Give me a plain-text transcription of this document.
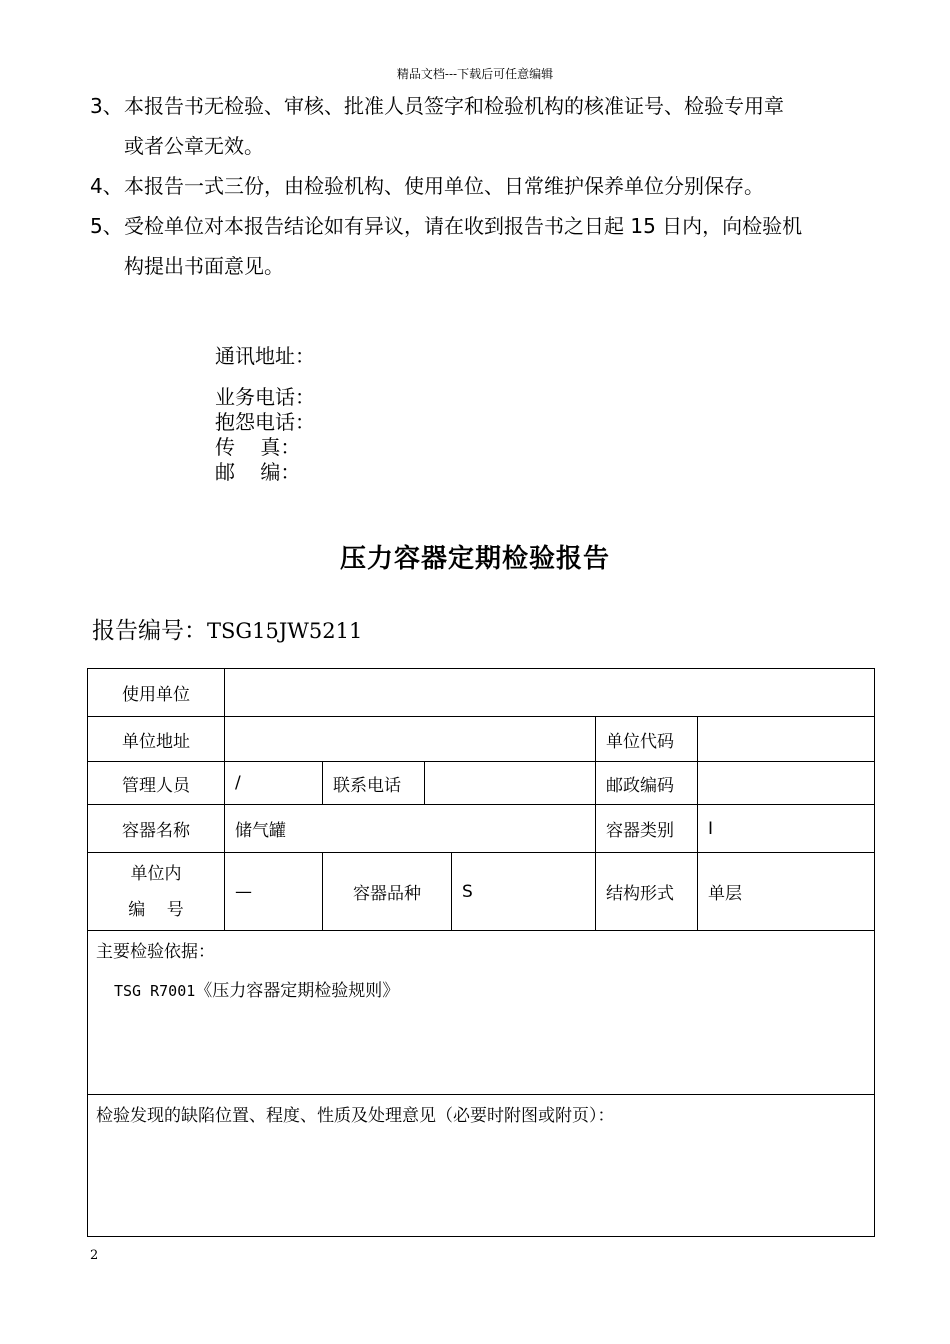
精品文档---下载后可任意编辑

3、本报告书无检验、审核、批准人员签字和检验机构的核准证号、检验专用章
或者公章无效。

4、本报告一式三份，由检验机构、使用单位、日常维护保养单位分别保存。

5、受检单位对本报告结论如有异议，请在收到报告书之日起 15 日内，向检验机
构提出书面意见。

通讯地址：
业务电话：
抱怨电话：
传    真：
邮    编：
压力容器定期检验报告
报告编号：TSG15JW5211
使用单位						
单位地址					单位代码	
管理人员	/	联系电话			邮政编码	
容器名称	储气罐				容器类别	I

单位内
编    号	—	容器品种		S	结构形式	单层
主要检验依据：
TSG R7001《压力容器定期检验规则》						

检验发现的缺陷位置、程度、性质及处理意见（必要时附图或附页）：						
2
